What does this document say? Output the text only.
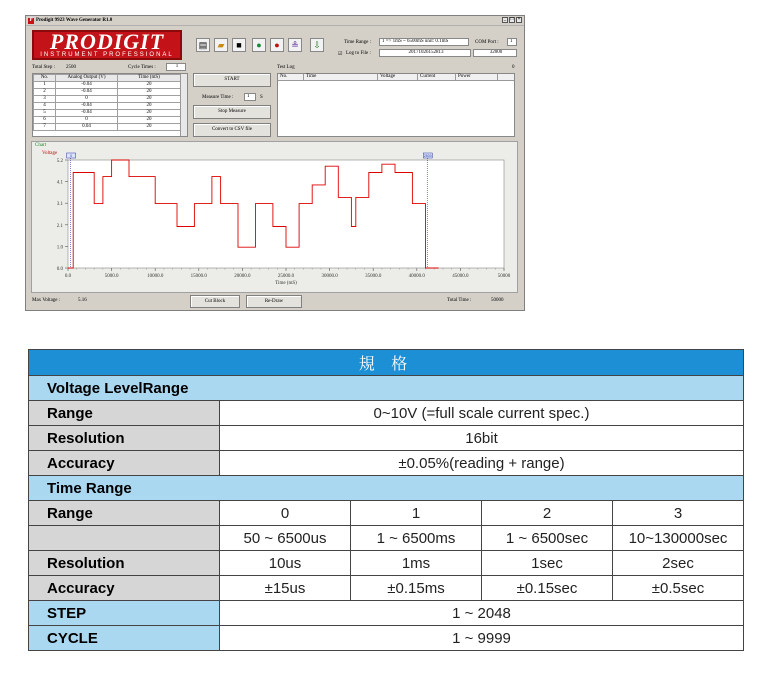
P Prodigit 9923 Wave Generator R1.0	_ □ ×
PRODIGIT
INSTRUMENT PROFESSIONAL
▤	▰	■	●	●	≗	⇩	Time Range :	1 => 1mS ~ 6500mS unit: 0.1mS	COM Port :	1
☑ Log to File :	20171026152813	32000
Total Step : 2500	Cycle Times :	1
No.	Analog Output (V)	Time (mS)
1	-0.04	20
2	-0.04	20
3	0	20
4	-0.04	20
5	-0.04	20
6	0	20
7	0.04	20
START
Measure Time :	1	S
Stop Measure
Convert to CSV file
Test Log	0
No.	Time	Voltage	Current	Power
Chart
0.0
1.0
2.1
3.1
4.1
5.2
0.0	5000.0	10000.0	15000.0	20000.0	25000.0	30000.0	35000.0	40000.0	45000.0	50000
Voltage
Time (mS)
0	2500
Max Voltage :	5.16	Cut Block	Re-Draw	Total Time :	50000
規 格				
Voltage LevelRange				
Range	0~10V (=full scale current spec.)			
Resolution	16bit			
Accuracy	±0.05%(reading + range)			
Time Range				
Range	0	1	2	3
	50 ~ 6500us	1 ~ 6500ms	1 ~ 6500sec	10~130000sec
Resolution	10us	1ms	1sec	2sec
Accuracy	±15us	±0.15ms	±0.15sec	±0.5sec
STEP	1 ~ 2048			
CYCLE	1 ~ 9999			
